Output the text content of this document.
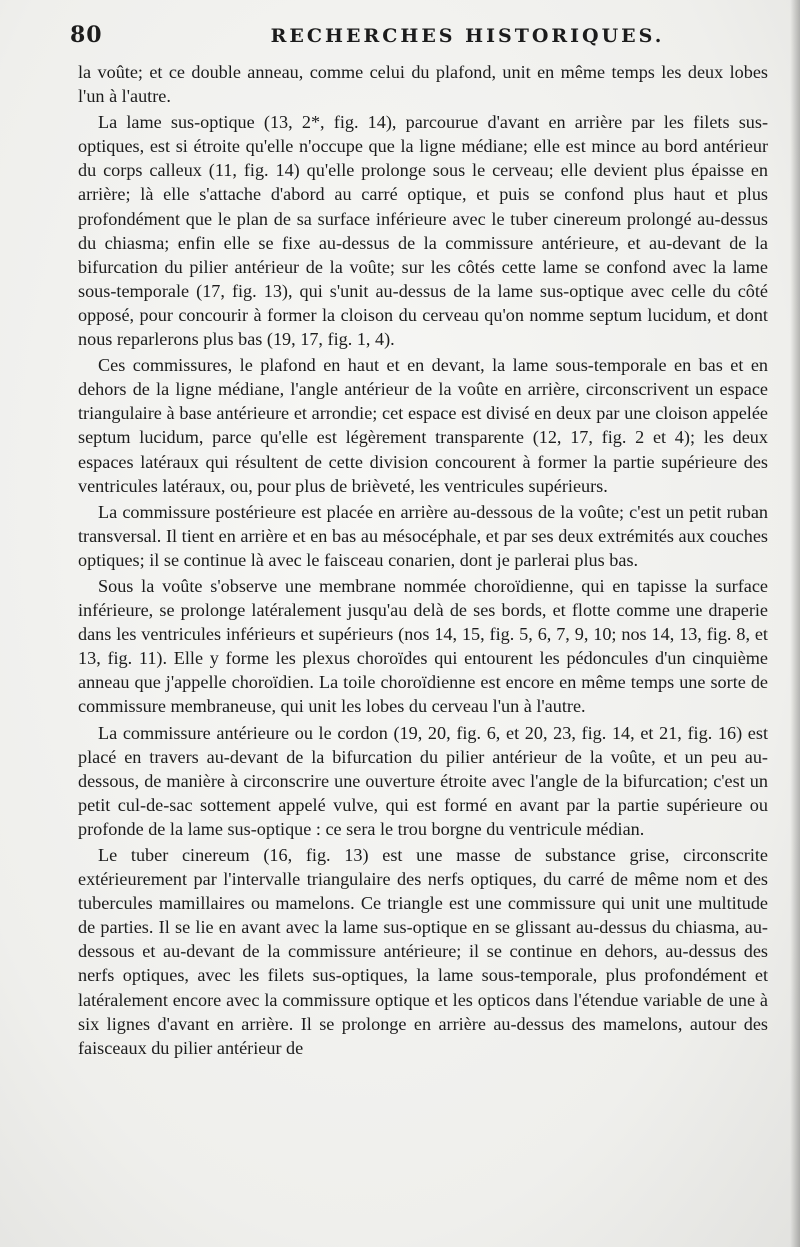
80	RECHERCHES HISTORIQUES.

la voûte; et ce double anneau, comme celui du plafond, unit en même temps les deux lobes l'un à l'autre.

La lame sus-optique (13, 2*, fig. 14), parcourue d'avant en arrière par les filets sus-optiques, est si étroite qu'elle n'occupe que la ligne médiane; elle est mince au bord antérieur du corps calleux (11, fig. 14) qu'elle prolonge sous le cerveau; elle devient plus épaisse en arrière; là elle s'attache d'abord au carré optique, et puis se confond plus haut et plus profondément que le plan de sa surface inférieure avec le tuber cinereum prolongé au-dessus du chiasma; enfin elle se fixe au-dessus de la commissure antérieure, et au-devant de la bifurcation du pilier antérieur de la voûte; sur les côtés cette lame se confond avec la lame sous-temporale (17, fig. 13), qui s'unit au-dessus de la lame sus-optique avec celle du côté opposé, pour concourir à former la cloison du cerveau qu'on nomme septum lucidum, et dont nous reparlerons plus bas (19, 17, fig. 1, 4).

Ces commissures, le plafond en haut et en devant, la lame sous-temporale en bas et en dehors de la ligne médiane, l'angle antérieur de la voûte en arrière, circonscrivent un espace triangulaire à base antérieure et arrondie; cet espace est divisé en deux par une cloison appelée septum lucidum, parce qu'elle est légèrement transparente (12, 17, fig. 2 et 4); les deux espaces latéraux qui résultent de cette division concourent à former la partie supérieure des ventricules latéraux, ou, pour plus de brièveté, les ventricules supérieurs.

La commissure postérieure est placée en arrière au-dessous de la voûte; c'est un petit ruban transversal. Il tient en arrière et en bas au mésocéphale, et par ses deux extrémités aux couches optiques; il se continue là avec le faisceau conarien, dont je parlerai plus bas.

Sous la voûte s'observe une membrane nommée choroïdienne, qui en tapisse la surface inférieure, se prolonge latéralement jusqu'au delà de ses bords, et flotte comme une draperie dans les ventricules inférieurs et supérieurs (nos 14, 15, fig. 5, 6, 7, 9, 10; nos 14, 13, fig. 8, et 13, fig. 11). Elle y forme les plexus choroïdes qui entourent les pédoncules d'un cinquième anneau que j'appelle choroïdien. La toile choroïdienne est encore en même temps une sorte de commissure membraneuse, qui unit les lobes du cerveau l'un à l'autre.

La commissure antérieure ou le cordon (19, 20, fig. 6, et 20, 23, fig. 14, et 21, fig. 16) est placé en travers au-devant de la bifurcation du pilier antérieur de la voûte, et un peu au-dessous, de manière à circonscrire une ouverture étroite avec l'angle de la bifurcation; c'est un petit cul-de-sac sottement appelé vulve, qui est formé en avant par la partie supérieure ou profonde de la lame sus-optique : ce sera le trou borgne du ventricule médian.

Le tuber cinereum (16, fig. 13) est une masse de substance grise, circonscrite extérieurement par l'intervalle triangulaire des nerfs optiques, du carré de même nom et des tubercules mamillaires ou mamelons. Ce triangle est une commissure qui unit une multitude de parties. Il se lie en avant avec la lame sus-optique en se glissant au-dessus du chiasma, au-dessous et au-devant de la commissure antérieure; il se continue en dehors, au-dessus des nerfs optiques, avec les filets sus-optiques, la lame sous-temporale, plus profondément et latéralement encore avec la commissure optique et les opticos dans l'étendue variable de une à six lignes d'avant en arrière. Il se prolonge en arrière au-dessus des mamelons, autour des faisceaux du pilier antérieur de
